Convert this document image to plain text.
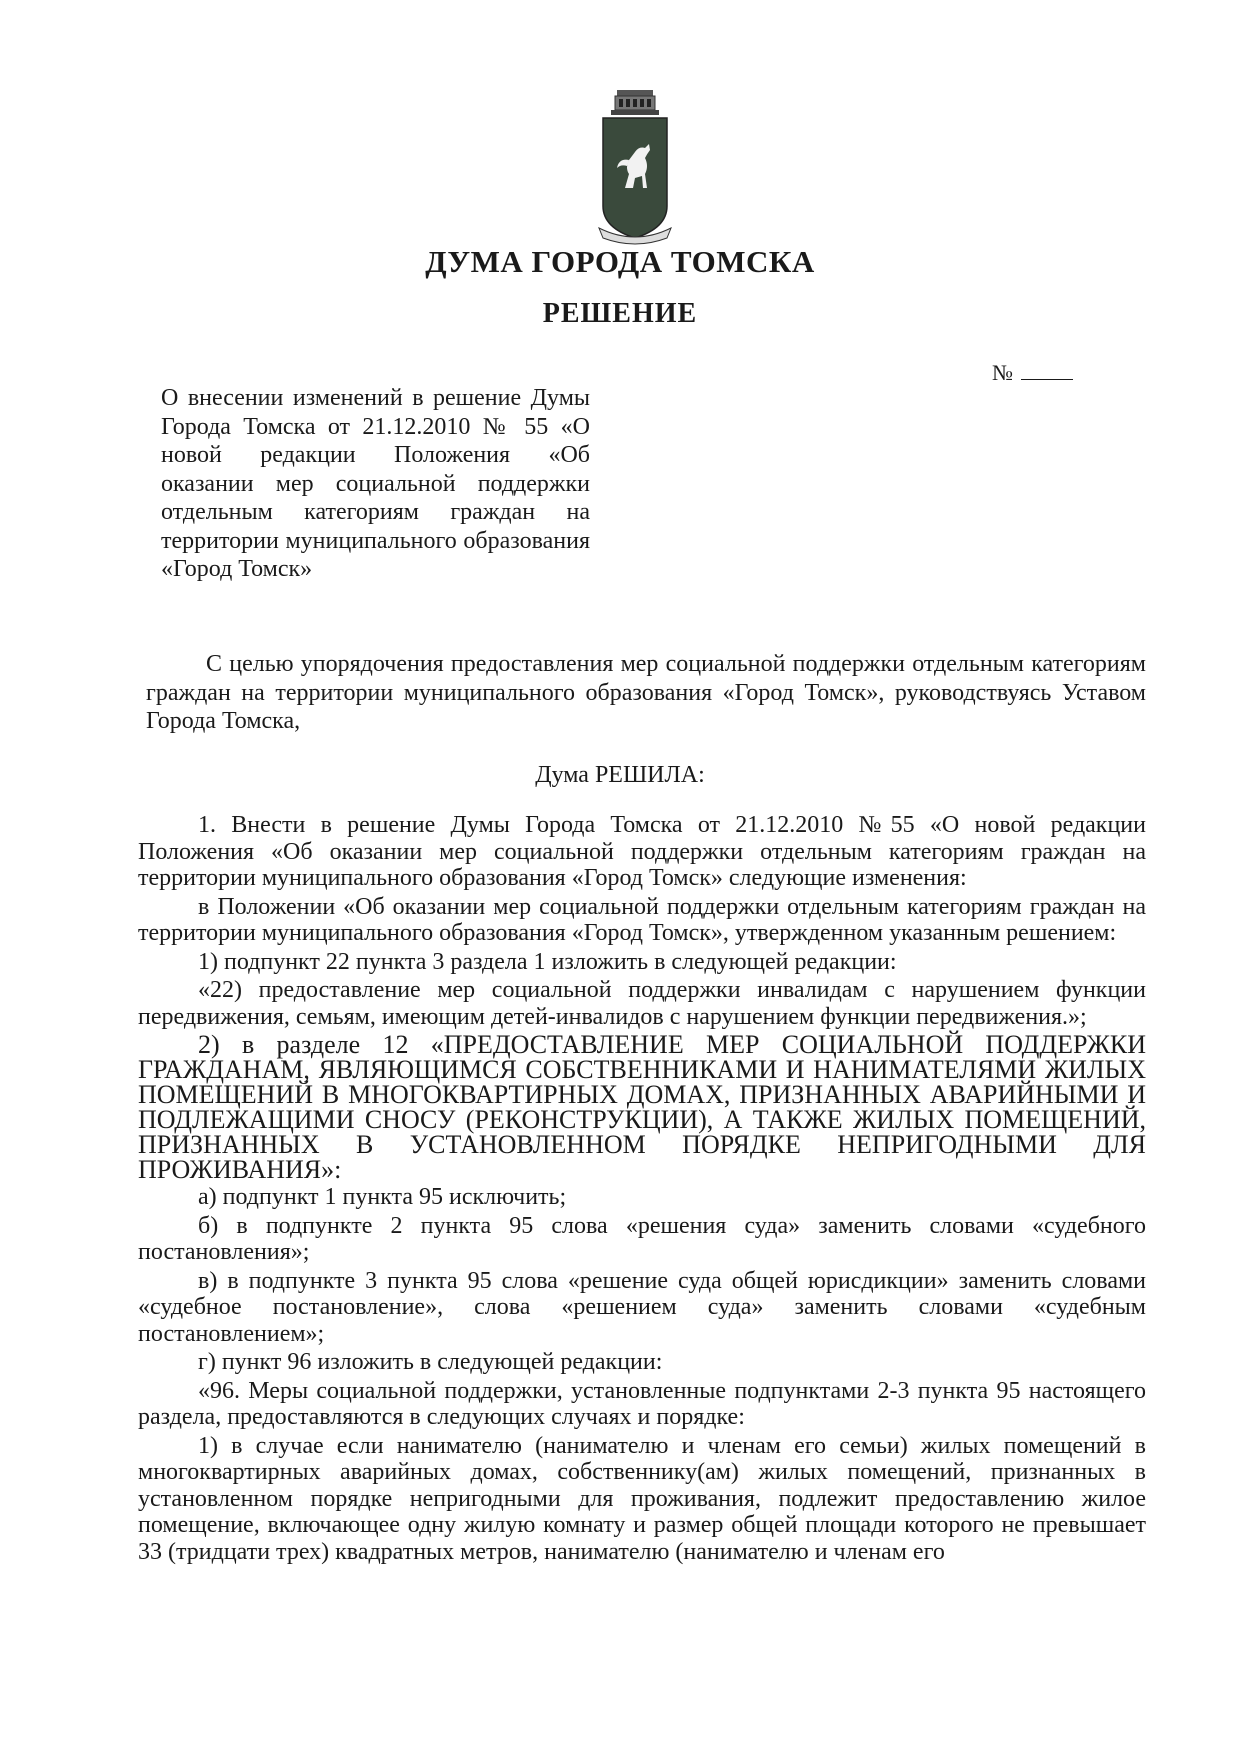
ДУМА ГОРОДА ТОМСКА
РЕШЕНИЕ
№
О внесении изменений в решение Думы Города Томска от 21.12.2010 № 55 «О новой редакции Положения «Об оказании мер социальной поддержки отдельным категориям граждан на территории муниципального образования «Город Томск»
С целью упорядочения предоставления мер социальной поддержки отдельным категориям граждан на территории муниципального образования «Город Томск», руководствуясь Уставом Города Томска,
Дума РЕШИЛА:

1. Внести в решение Думы Города Томска от 21.12.2010 №55 «О новой редакции Положения «Об оказании мер социальной поддержки отдельным категориям граждан на территории муниципального образования «Город Томск» следующие изменения:

в Положении «Об оказании мер социальной поддержки отдельным категориям граждан на территории муниципального образования «Город Томск», утвержденном указанным решением:

1) подпункт 22 пункта 3 раздела 1 изложить в следующей редакции:

«22) предоставление мер социальной поддержки инвалидам с нарушением функции передвижения, семьям, имеющим детей-инвалидов с нарушением функции передвижения.»;

2) в разделе 12 «ПРЕДОСТАВЛЕНИЕ МЕР СОЦИАЛЬНОЙ ПОДДЕРЖКИ ГРАЖДАНАМ, ЯВЛЯЮЩИМСЯ СОБСТВЕННИКАМИ И НАНИМАТЕЛЯМИ ЖИЛЫХ ПОМЕЩЕНИЙ В МНОГОКВАРТИРНЫХ ДОМАХ, ПРИЗНАННЫХ АВАРИЙНЫМИ И ПОДЛЕЖАЩИМИ СНОСУ (РЕКОНСТРУКЦИИ), А ТАКЖЕ ЖИЛЫХ ПОМЕЩЕНИЙ, ПРИЗНАННЫХ В УСТАНОВЛЕННОМ ПОРЯДКЕ НЕПРИГОДНЫМИ ДЛЯ ПРОЖИВАНИЯ»:

а) подпункт 1 пункта 95 исключить;

б) в подпункте 2 пункта 95 слова «решения суда» заменить словами «судебного постановления»;

в) в подпункте 3 пункта 95 слова «решение суда общей юрисдикции» заменить словами «судебное постановление», слова «решением суда» заменить словами «судебным постановлением»;

г) пункт 96 изложить в следующей редакции:

«96. Меры социальной поддержки, установленные подпунктами 2-3 пункта 95 настоящего раздела, предоставляются в следующих случаях и порядке:

1) в случае если нанимателю (нанимателю и членам его семьи) жилых помещений в многоквартирных аварийных домах, собственнику(ам) жилых помещений, признанных в установленном порядке непригодными для проживания, подлежит предоставлению жилое помещение, включающее одну жилую комнату и размер общей площади которого не превышает 33 (тридцати трех) квадратных метров, нанимателю (нанимателю и членам его
